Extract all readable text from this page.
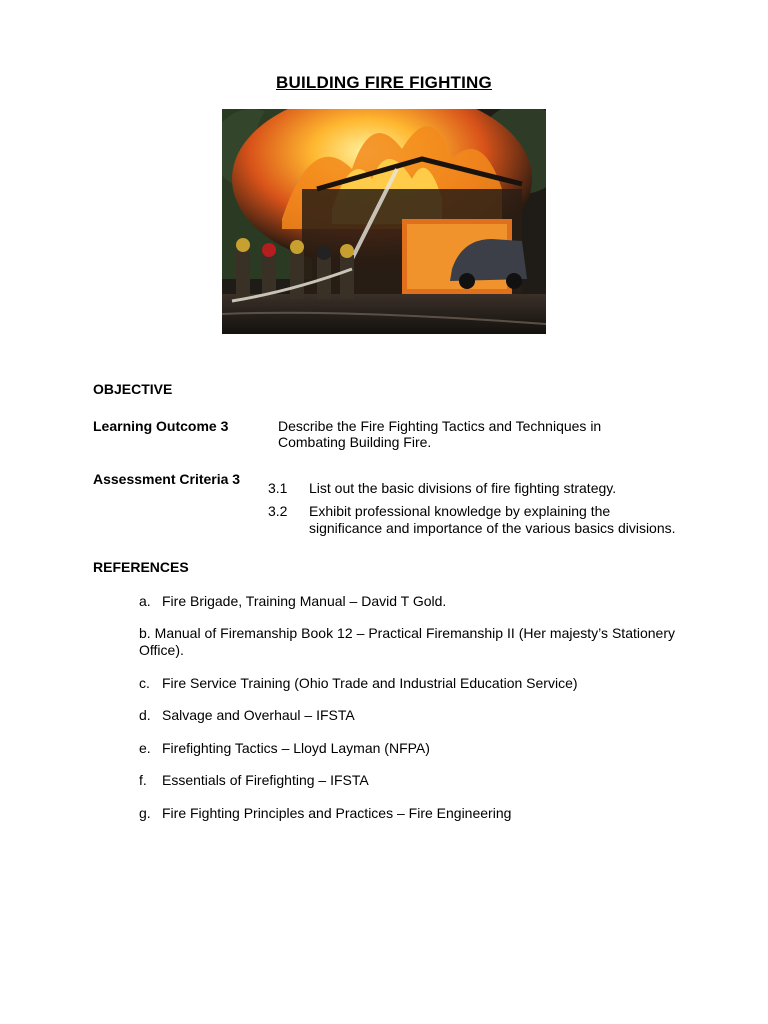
BUILDING FIRE FIGHTING
OBJECTIVE
Learning Outcome 3	Describe the Fire Fighting Tactics and Techniques in
Combating Building Fire.
Assessment Criteria 3
3.1 List out the basic divisions of fire fighting strategy.
3.2 Exhibit professional knowledge by explaining the
significance and importance of the various basics divisions.
REFERENCES
a. Fire Brigade, Training Manual – David T Gold.
b. Manual of Firemanship Book 12 – Practical Firemanship II (Her majesty’s Stationery Office).
c. Fire Service Training (Ohio Trade and Industrial Education Service)
d. Salvage and Overhaul – IFSTA
e. Firefighting Tactics – Lloyd Layman (NFPA)
f. Essentials of Firefighting – IFSTA
g. Fire Fighting Principles and Practices – Fire Engineering
